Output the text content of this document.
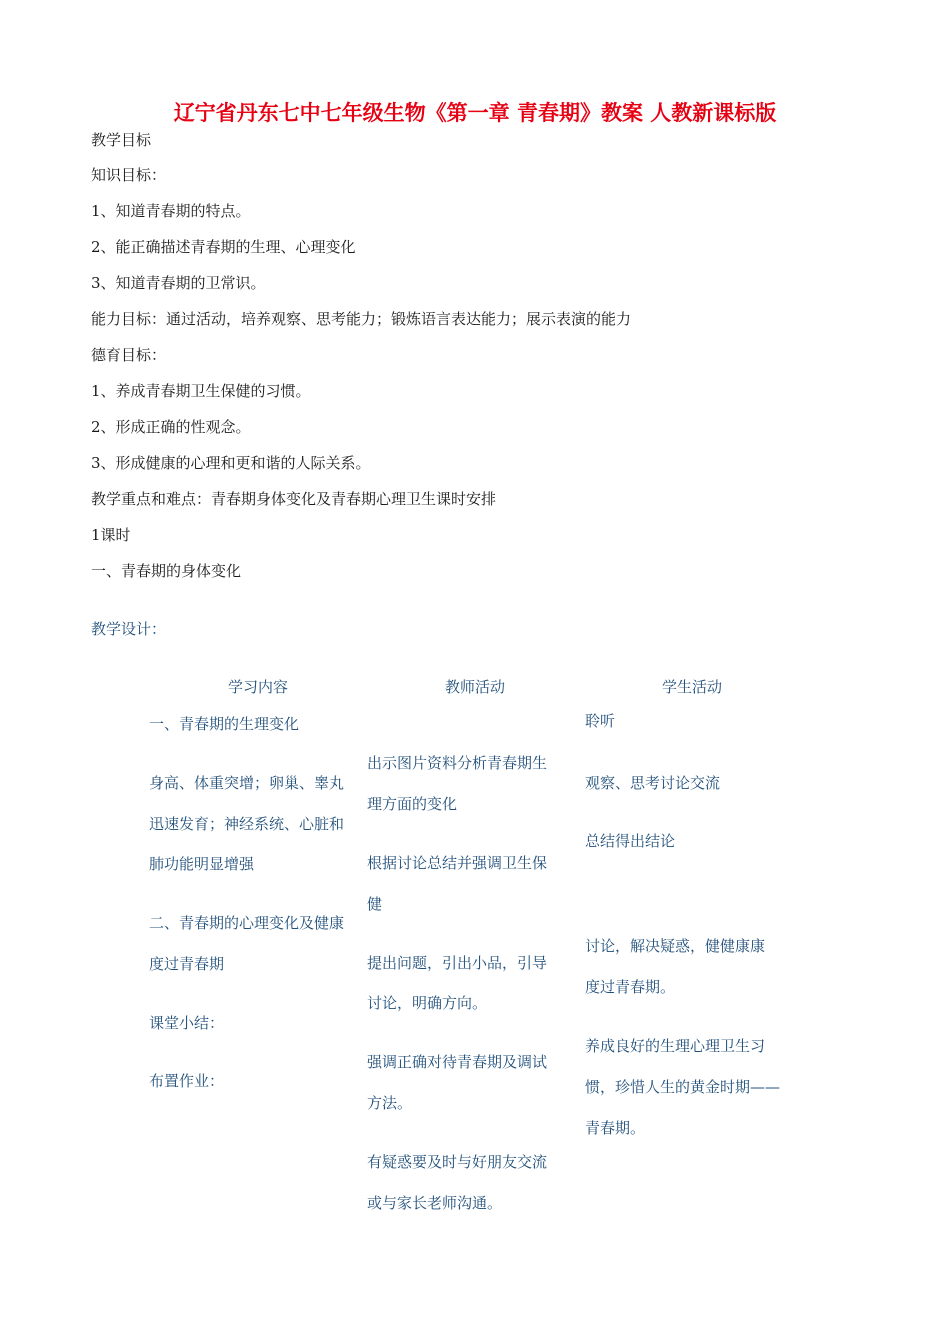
辽宁省丹东七中七年级生物《第一章 青春期》教案 人教新课标版
教学目标
知识目标：
1、知道青春期的特点。
2、能正确描述青春期的生理、心理变化
3、知道青春期的卫常识。
能力目标：通过活动，培养观察、思考能力；锻炼语言表达能力；展示表演的能力
德育目标：
1、养成青春期卫生保健的习惯。
2、形成正确的性观念。
3、形成健康的心理和更和谐的人际关系。
教学重点和难点：青春期身体变化及青春期心理卫生课时安排
1课时
一、青春期的身体变化
教学设计：
学习内容	教师活动	学生活动
一、青春期的生理变化
身高、体重突增；卵巢、睾丸
迅速发育；神经系统、心脏和
肺功能明显增强
二、青春期的心理变化及健康
度过青春期
课堂小结：
布置作业：
出示图片资料分析青春期生
理方面的变化
根据讨论总结并强调卫生保
健
提出问题，引出小品，引导
讨论，明确方向。
强调正确对待青春期及调试
方法。
有疑惑要及时与好朋友交流
或与家长老师沟通。
聆听
观察、思考讨论交流
总结得出结论
讨论，解决疑惑，健健康康
度过青春期。
养成良好的生理心理卫生习
惯，珍惜人生的黄金时期——
青春期。
